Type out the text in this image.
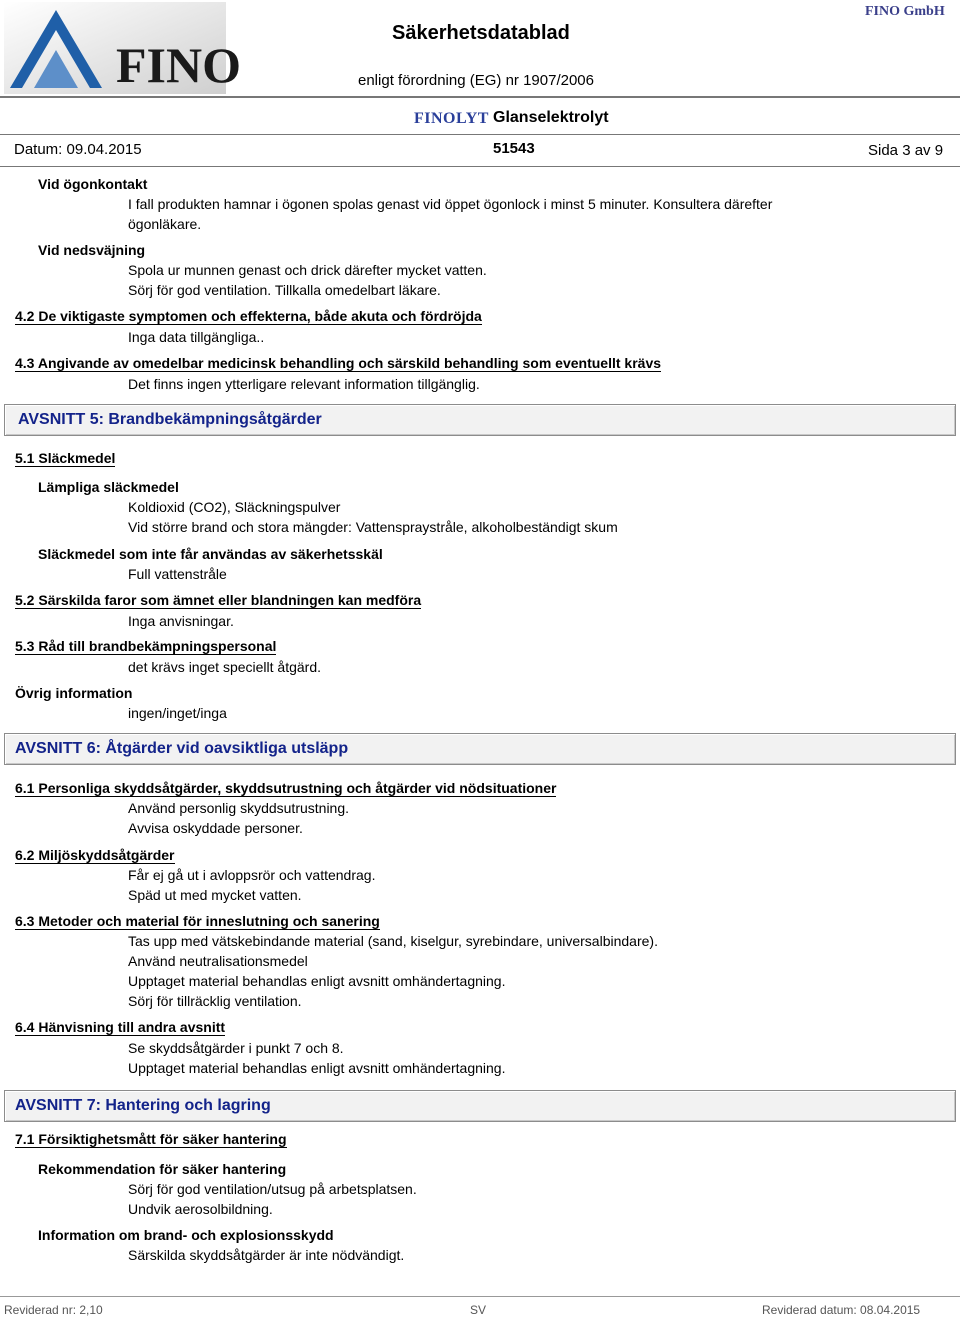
FINO
Säkerhetsdatablad
enligt förordning (EG) nr 1907/2006
FINO GmbH
FINOLYT Glanselektrolyt
Datum: 09.04.2015	51543	Sida 3 av 9
Vid ögonkontakt
I fall produkten hamnar i ögonen spolas genast vid öppet ögonlock i minst 5 minuter. Konsultera därefter
ögonläkare.
Vid nedsväjning
Spola ur munnen genast och drick därefter mycket vatten.
Sörj för god ventilation. Tillkalla omedelbart läkare.
4.2 De viktigaste symptomen och effekterna, både akuta och fördröjda
Inga data tillgängliga..
4.3 Angivande av omedelbar medicinsk behandling och särskild behandling som eventuellt krävs
Det finns ingen ytterligare relevant information tillgänglig.
AVSNITT 5: Brandbekämpningsåtgärder
5.1 Släckmedel
Lämpliga släckmedel
Koldioxid (CO2), Släckningspulver
Vid större brand och stora mängder: Vattenspraystråle, alkoholbeständigt skum
Släckmedel som inte får användas av säkerhetsskäl
Full vattenstråle
5.2 Särskilda faror som ämnet eller blandningen kan medföra
Inga anvisningar.
5.3 Råd till brandbekämpningspersonal
det krävs inget speciellt åtgärd.
Övrig information
ingen/inget/inga
AVSNITT 6: Åtgärder vid oavsiktliga utsläpp
6.1 Personliga skyddsåtgärder, skyddsutrustning och åtgärder vid nödsituationer
Använd personlig skyddsutrustning.
Avvisa oskyddade personer.
6.2 Miljöskyddsåtgärder
Får ej gå ut i avloppsrör och vattendrag.
Späd ut med mycket vatten.
6.3 Metoder och material för inneslutning och sanering
Tas upp med vätskebindande material (sand, kiselgur, syrebindare, universalbindare).
Använd neutralisationsmedel
Upptaget material behandlas enligt avsnitt omhändertagning.
Sörj för tillräcklig ventilation.
6.4 Hänvisning till andra avsnitt
Se skyddsåtgärder i punkt 7 och 8.
Upptaget material behandlas enligt avsnitt omhändertagning.
AVSNITT 7: Hantering och lagring
7.1 Försiktighetsmått för säker hantering
Rekommendation för säker hantering
Sörj för god ventilation/utsug på arbetsplatsen.
Undvik aerosolbildning.
Information om brand- och explosionsskydd
Särskilda skyddsåtgärder är inte nödvändigt.
Reviderad nr: 2,10	SV	Reviderad datum: 08.04.2015
